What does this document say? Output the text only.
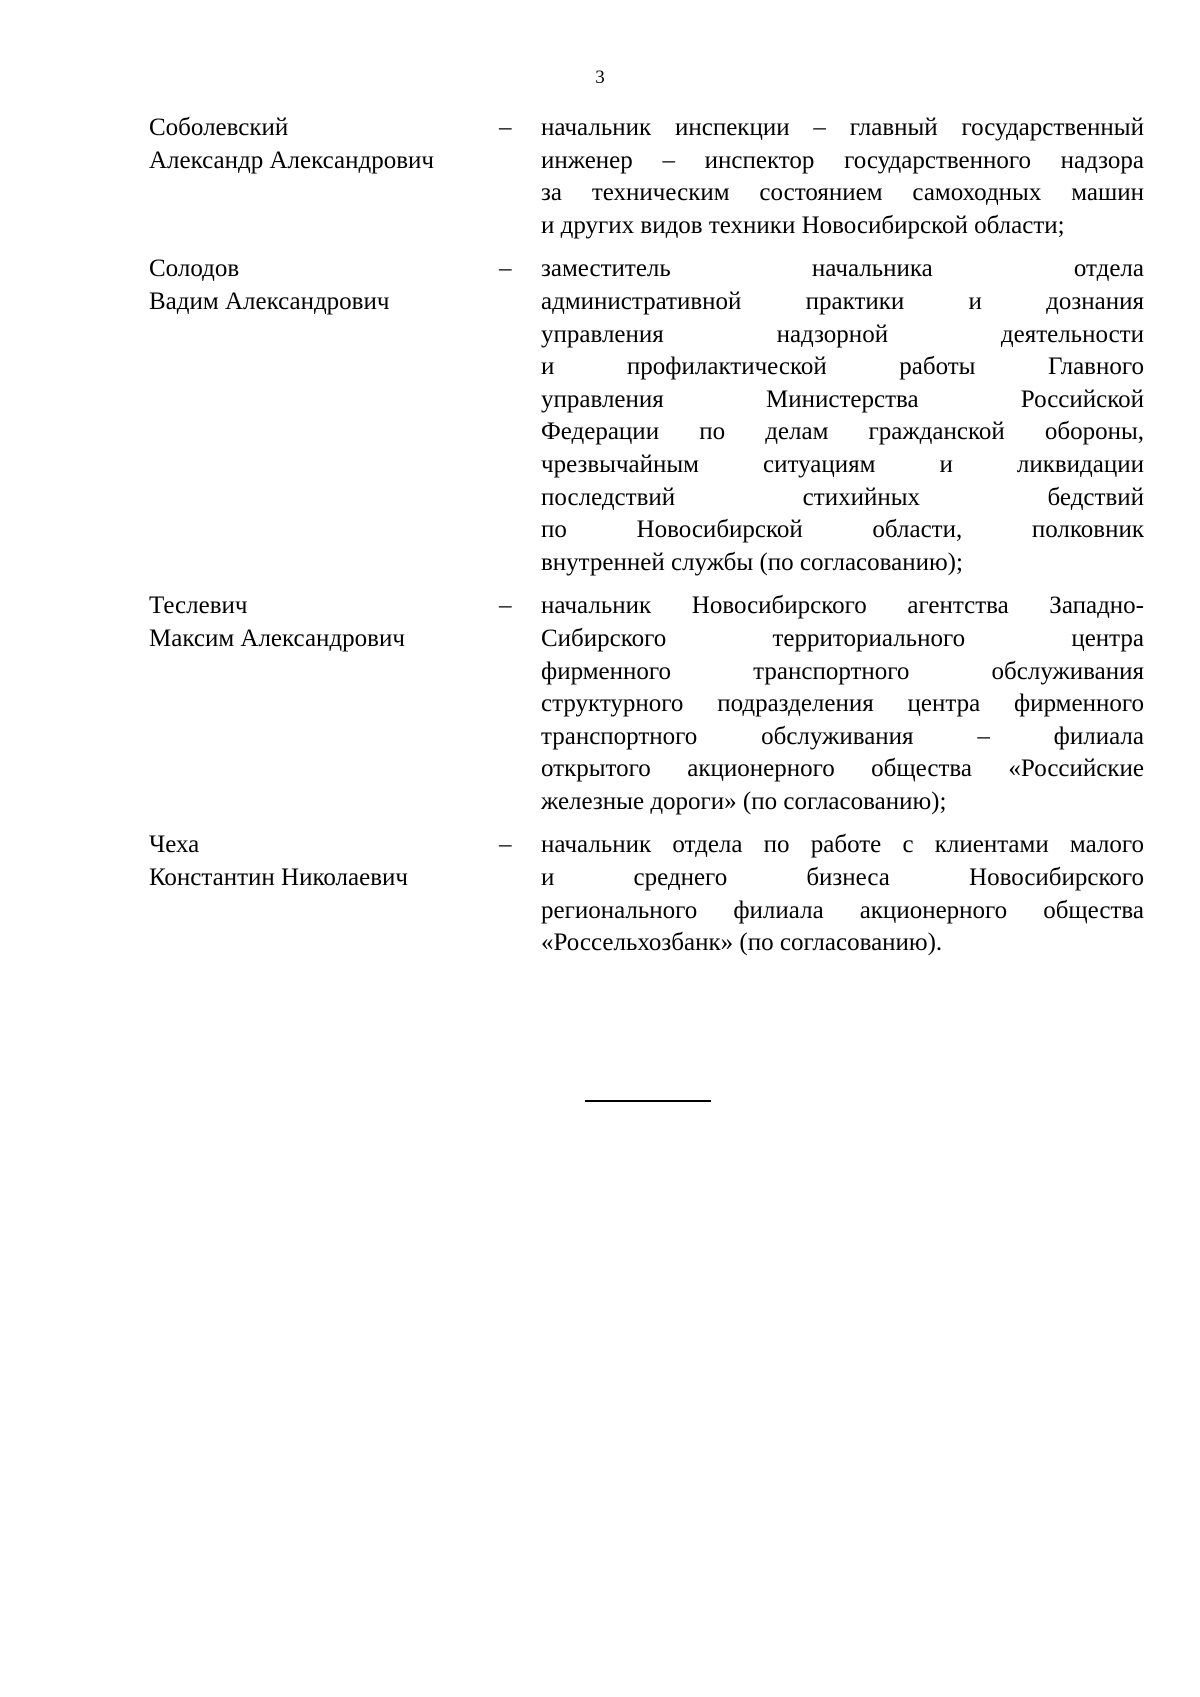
3
Соболевский
Александр Александрович
–	начальник инспекции – главный государственный
инженер – инспектор государственного надзора
за техническим состоянием самоходных машин
и других видов техники Новосибирской области;
Солодов
Вадим Александрович
–	заместитель начальника отдела
административной практики и дознания
управления надзорной деятельности
и профилактической работы Главного
управления Министерства Российской
Федерации по делам гражданской обороны,
чрезвычайным ситуациям и ликвидации
последствий стихийных бедствий
по Новосибирской области, полковник
внутренней службы (по согласованию);
Теслевич
Максим Александрович
–	начальник Новосибирского агентства Западно-
Сибирского территориального центра
фирменного транспортного обслуживания
структурного подразделения центра фирменного
транспортного обслуживания – филиала
открытого акционерного общества «Российские
железные дороги» (по согласованию);
Чеха
Константин Николаевич
–	начальник отдела по работе с клиентами малого
и среднего бизнеса Новосибирского
регионального филиала акционерного общества
«Россельхозбанк» (по согласованию).
